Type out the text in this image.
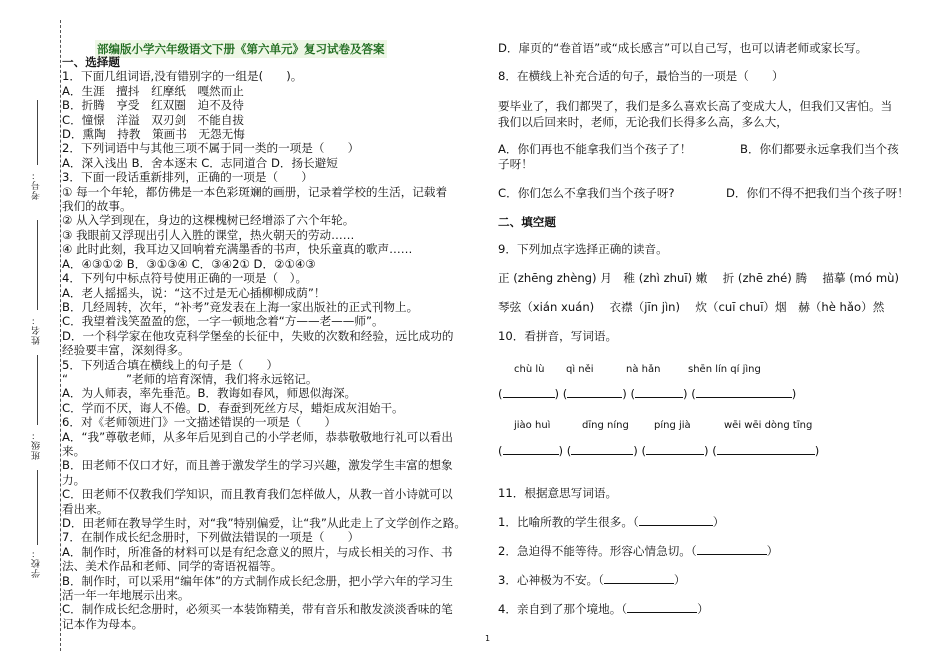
考号：
姓名：
班级：
学校：
部编版小学六年级语文下册《第六单元》复习试卷及答案
一、选择题
1．下面几组词语,没有错别字的一组是(　　)。
A．生涯　擅抖　红摩纸　嘎然而止
B．折腾　亨受　红双圈　迫不及待
C．憧憬　洋溢　双刃剑　不能自拔
D．熏陶　持教　策画书　无怨无悔
2．下列词语中与其他三项不属于同一类的一项是（　　）
A．深入浅出 B．舍本逐末 C．志同道合 D．扬长避短
3．下面一段话重新排列，正确的一项是（　　）
① 每一个年轮，都仿佛是一本色彩斑斓的画册，记录着学校的生活，记载着
我们的故事。
② 从入学到现在，身边的这棵槐树已经增添了六个年轮。
③ 我眼前又浮现出引人入胜的课堂，热火朝天的劳动……
④ 此时此刻，我耳边又回响着充满墨香的书声，快乐童真的歌声……
A．④③①② B．③①③④ C．③④2① D．②①④③
4．下列句中标点符号使用正确的一项是（　）。
A．老人摇摇头，说：“这不过是无心插柳柳成荫”！
B．几经周转，次年，“补考”竞发表在上海一家出版社的正式刊物上。
C．我望着浅笑盈盈的您，一字一顿地念着“方——老——师”。
D．一个科学家在他攻克科学堡垒的长征中，失败的次数和经验，远比成功的
经验要丰富，深刻得多。
5．下列适合填在横线上的句子是（　　）
“　　　　　”老师的培育深情，我们将永远铭记。
A．为人师表，率先垂范。B．教诲如春风，师恩似海深。
C．学而不厌，诲人不倦。D．春蚕到死丝方尽，蜡炬成灰泪始干。
6．对《老师领进门》一文描述错误的一项是（　　）
A．“我”尊敬老师，从多年后见到自己的小学老师，恭恭敬敬地行礼可以看出
来。
B．田老师不仅口才好，而且善于激发学生的学习兴趣，激发学生丰富的想象
力。
C．田老师不仅教我们学知识，而且教育我们怎样做人，从教一首小诗就可以
看出来。
D．田老师在教导学生时，对“我”特别偏爱，让“我”从此走上了文学创作之路。
7．在制作成长纪念册时，下列做法错误的一项是（　　）
A．制作时，所准备的材料可以是有纪念意义的照片，与成长相关的习作、书
法、美术作品和老师、同学的寄语祝福等。
B．制作时，可以采用“编年体”的方式制作成长纪念册，把小学六年的学习生
活一年一年地展示出来。
C．制作成长纪念册时，必须买一本装饰精美，带有音乐和散发淡淡香味的笔
记本作为母本。
D．扉页的“卷首语”或“成长感言”可以自己写，也可以请老师或家长写。
8．在横线上补充合适的句子，最恰当的一项是（　　）
要毕业了，我们都哭了，我们是多么喜欢长高了变成大人，但我们又害怕。当
我们以后回来时，老师，无论我们长得多么高，多么大，
A．你们再也不能拿我们当个孩子了！	B．你们都要永远拿我们当个孩
子呀！
C．你们怎么不拿我们当个孩子呀?	D．你们不得不把我们当个孩子呀！
二、填空题
9．下列加点字选择正确的读音。
正 (zhēng zhèng) 月　稚 (zhì zhuī) 嫩　 折 (zhē zhé) 腾　 描摹 (mó mù)
琴弦（xián xuán)　 衣襟（jīn jìn)　 炊（cuī chuī）烟　赫（hè hǎo）然
10．看拼音，写词语。
chù lù qì něi	nà hǎn	shēn lín qí jìng
(	) (	) (	) (	)
jiào huì	dīng níng	píng jià	wēi wēi dòng tīng
(	) (	) (	) (	)
11．根据意思写词语。
1．比喻所教的学生很多。（	）
2．急迫得不能等待。形容心情急切。（	）
3．心神极为不安。（	）
4．亲自到了那个境地。（	）
1
